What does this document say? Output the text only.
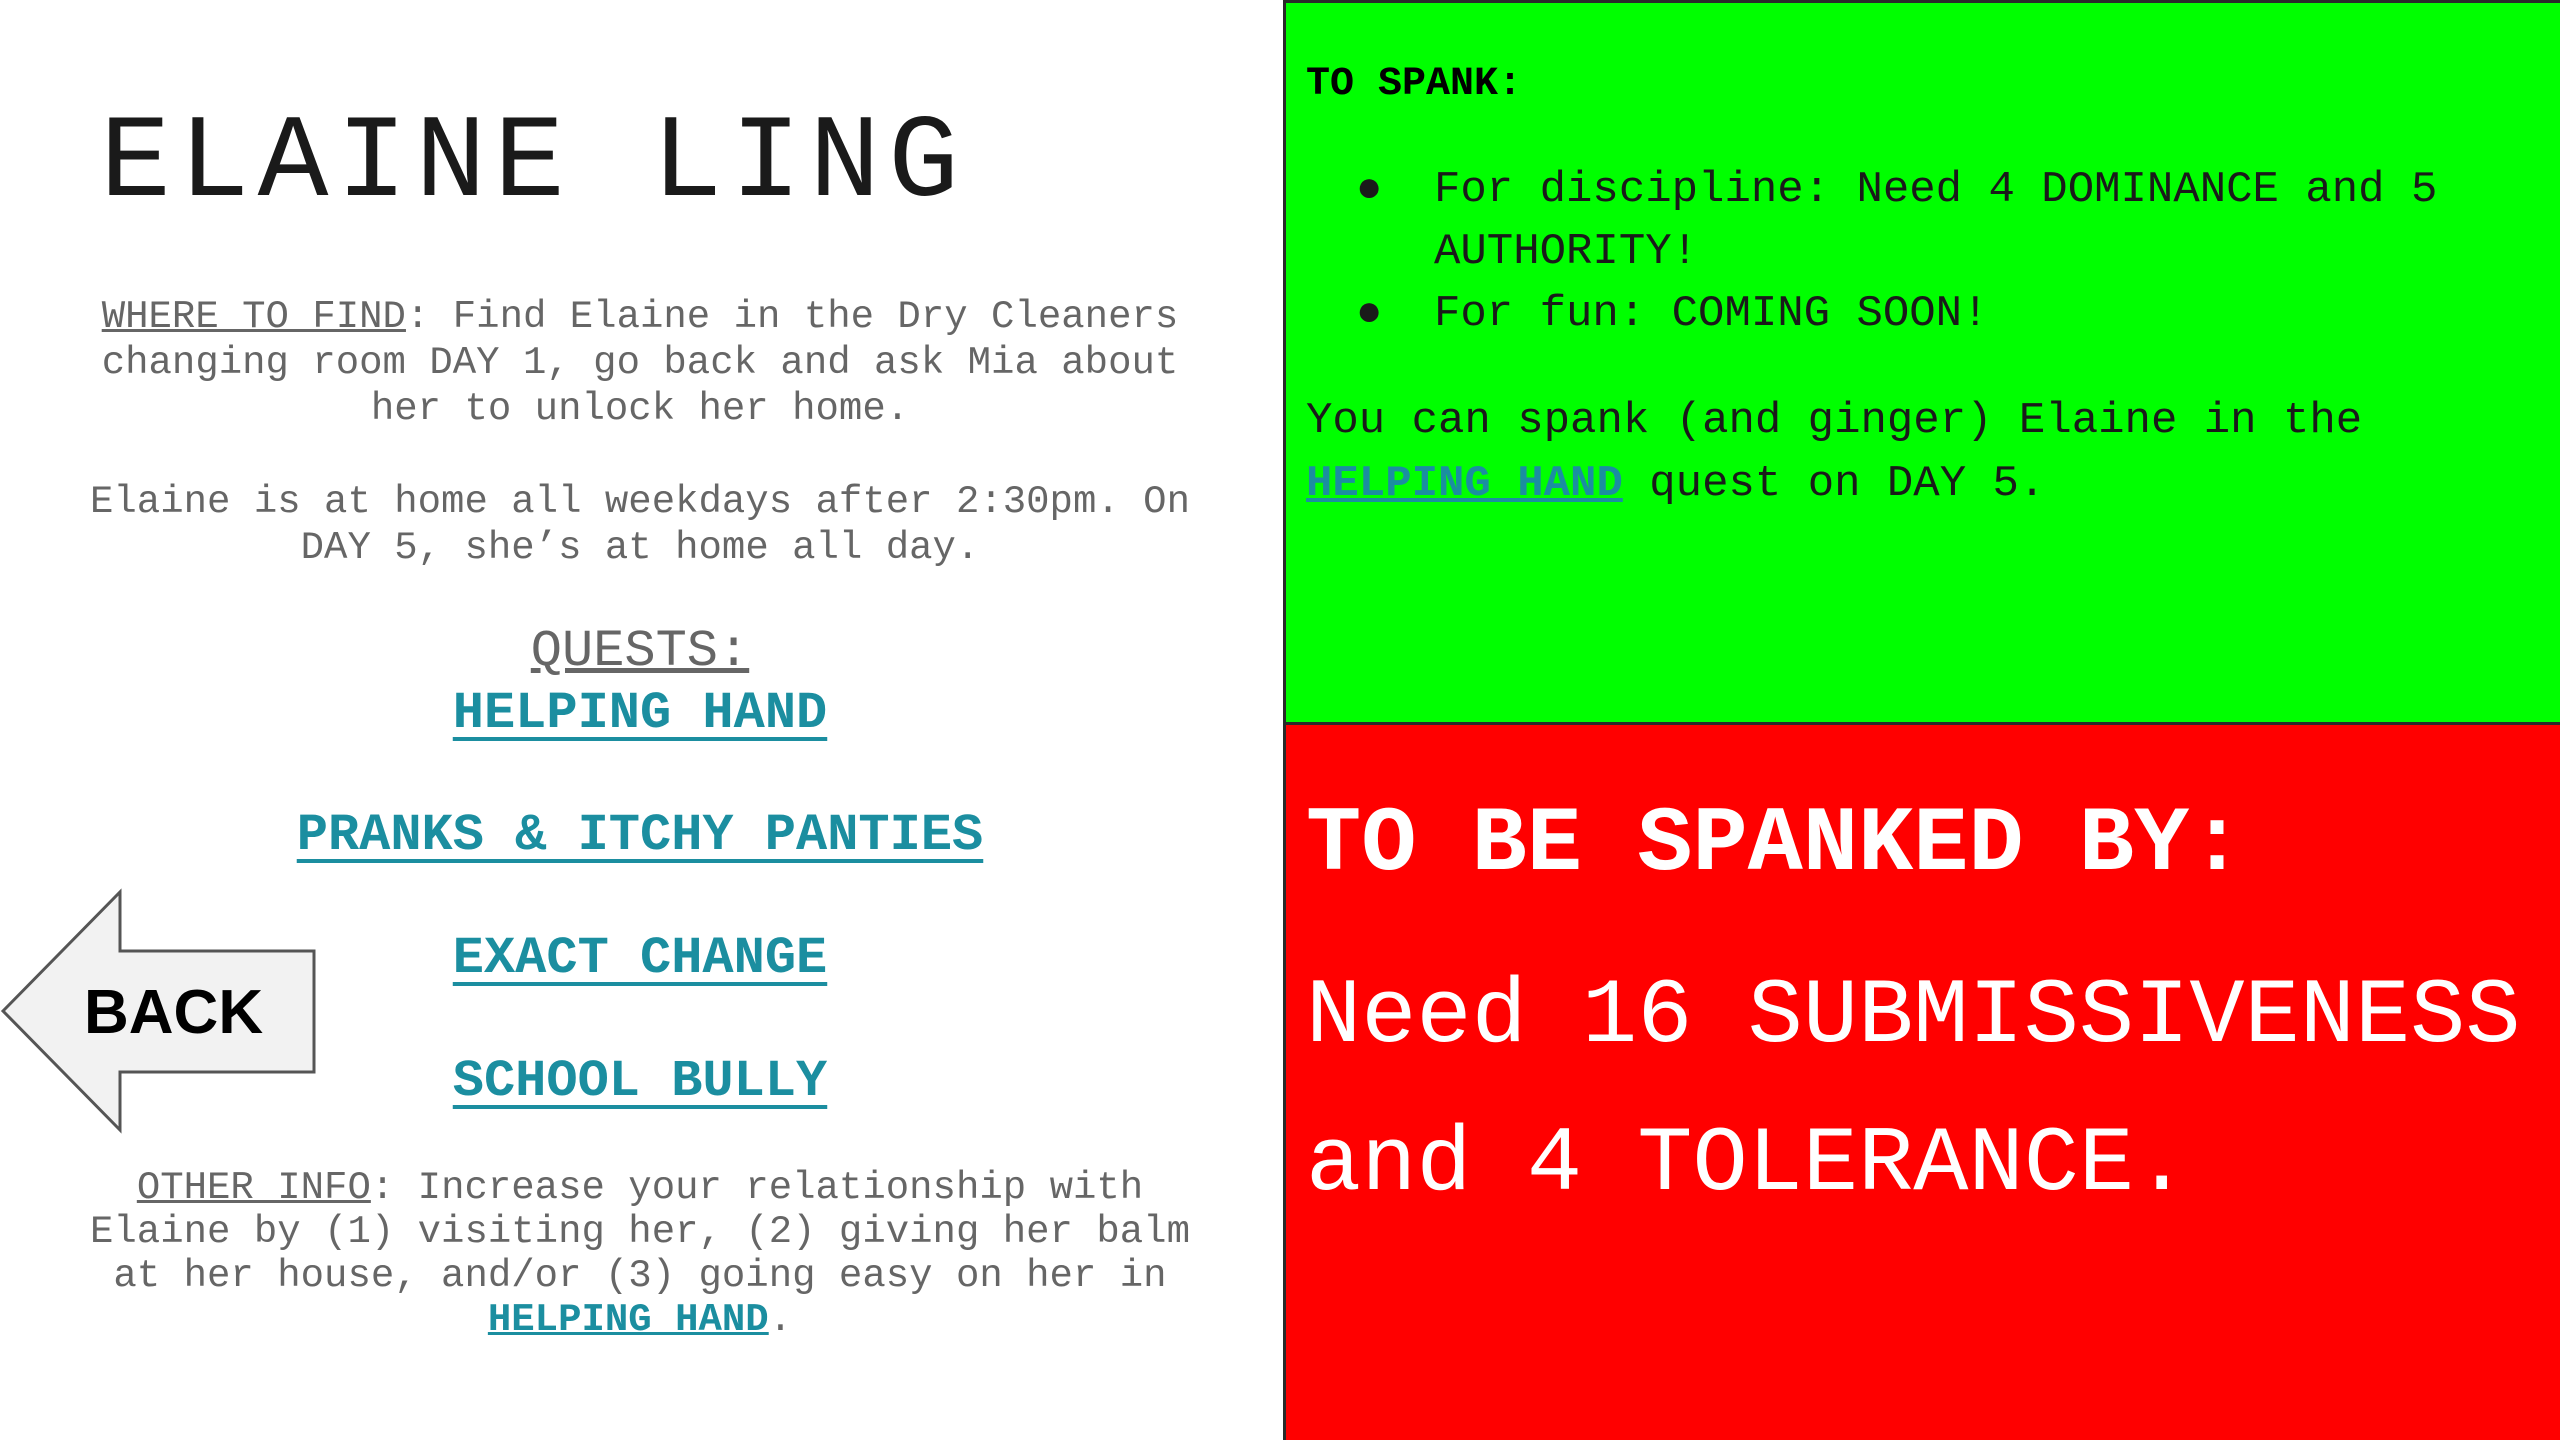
ELAINE LING

WHERE TO FIND: Find Elaine in the Dry Cleaners changing room DAY 1, go back and ask Mia about her to unlock her home.

Elaine is at home all weekdays after 2:30pm. On DAY 5, she’s at home all day.

QUESTS:
HELPING HAND
PRANKS & ITCHY PANTIES
EXACT CHANGE
SCHOOL BULLY
BACK

OTHER INFO: Increase your relationship with Elaine by (1) visiting her, (2) giving her balm at her house, and/or (3) going easy on her in HELPING HAND.

TO SPANK:
● For discipline: Need 4 DOMINANCE and 5 AUTHORITY!
● For fun: COMING SOON!

You can spank (and ginger) Elaine in the HELPING HAND quest on DAY 5.

TO BE SPANKED BY:

Need 16 SUBMISSIVENESS and 4 TOLERANCE.
